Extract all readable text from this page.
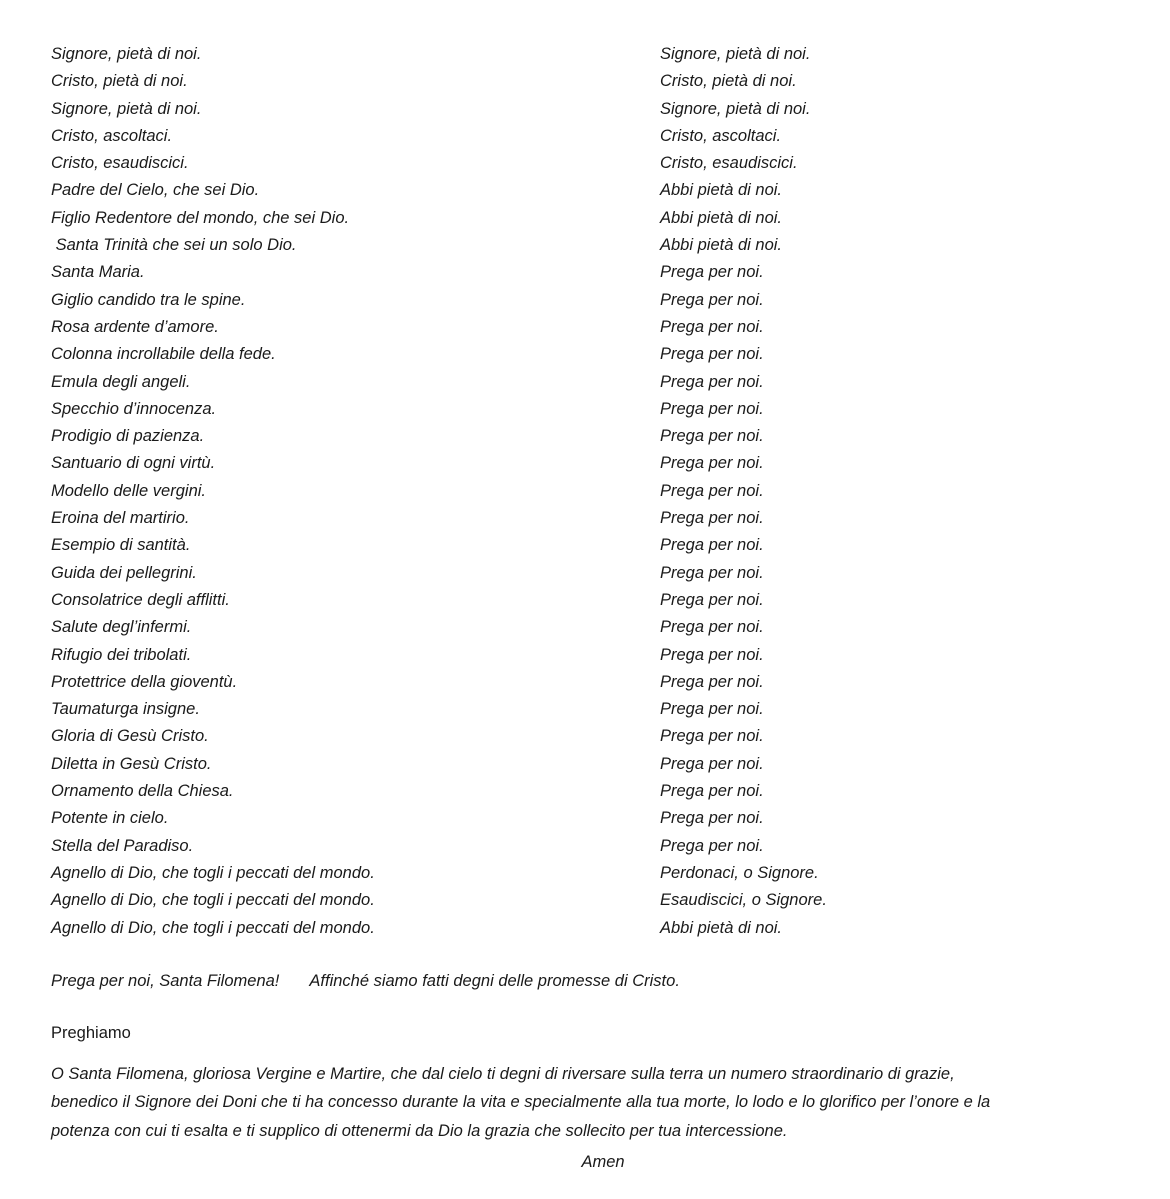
Signore, pietà di noi.	Signore, pietà di noi.
Cristo, pietà di noi.	Cristo, pietà di noi.
Signore, pietà di noi.	Signore, pietà di noi.
Cristo, ascoltaci.	Cristo, ascoltaci.
Cristo, esaudiscici.	Cristo, esaudiscici.
Padre del Cielo, che sei Dio.	Abbi pietà di noi.
Figlio Redentore del mondo, che sei Dio.	Abbi pietà di noi.
Santa Trinità che sei un solo Dio.	Abbi pietà di noi.
Santa Maria.	Prega per noi.
Giglio candido tra le spine.	Prega per noi.
Rosa ardente d’amore.	Prega per noi.
Colonna incrollabile della fede.	Prega per noi.
Emula degli angeli.	Prega per noi.
Specchio d’innocenza.	Prega per noi.
Prodigio di pazienza.	Prega per noi.
Santuario di ogni virtù.	Prega per noi.
Modello delle vergini.	Prega per noi.
Eroina del martirio.	Prega per noi.
Esempio di santità.	Prega per noi.
Guida dei pellegrini.	Prega per noi.
Consolatrice degli afflitti.	Prega per noi.
Salute degl’infermi.	Prega per noi.
Rifugio dei tribolati.	Prega per noi.
Protettrice della gioventù.	Prega per noi.
Taumaturga insigne.	Prega per noi.
Gloria di Gesù Cristo.	Prega per noi.
Diletta in Gesù Cristo.	Prega per noi.
Ornamento della Chiesa.	Prega per noi.
Potente in cielo.	Prega per noi.
Stella del Paradiso.	Prega per noi.
Agnello di Dio, che togli i peccati del mondo.	Perdonaci, o Signore.
Agnello di Dio, che togli i peccati del mondo.	Esaudiscici, o Signore.
Agnello di Dio, che togli i peccati del mondo.	Abbi pietà di noi.
Prega per noi, Santa Filomena! Affinché siamo fatti degni delle promesse di Cristo.
Preghiamo
O Santa Filomena, gloriosa Vergine e Martire, che dal cielo ti degni di riversare sulla terra un numero straordinario di grazie,
benedico il Signore dei Doni che ti ha concesso durante la vita e specialmente alla tua morte, lo lodo e lo glorifico per l’onore e la
potenza con cui ti esalta e ti supplico di ottenermi da Dio la grazia che sollecito per tua intercessione.
Amen
